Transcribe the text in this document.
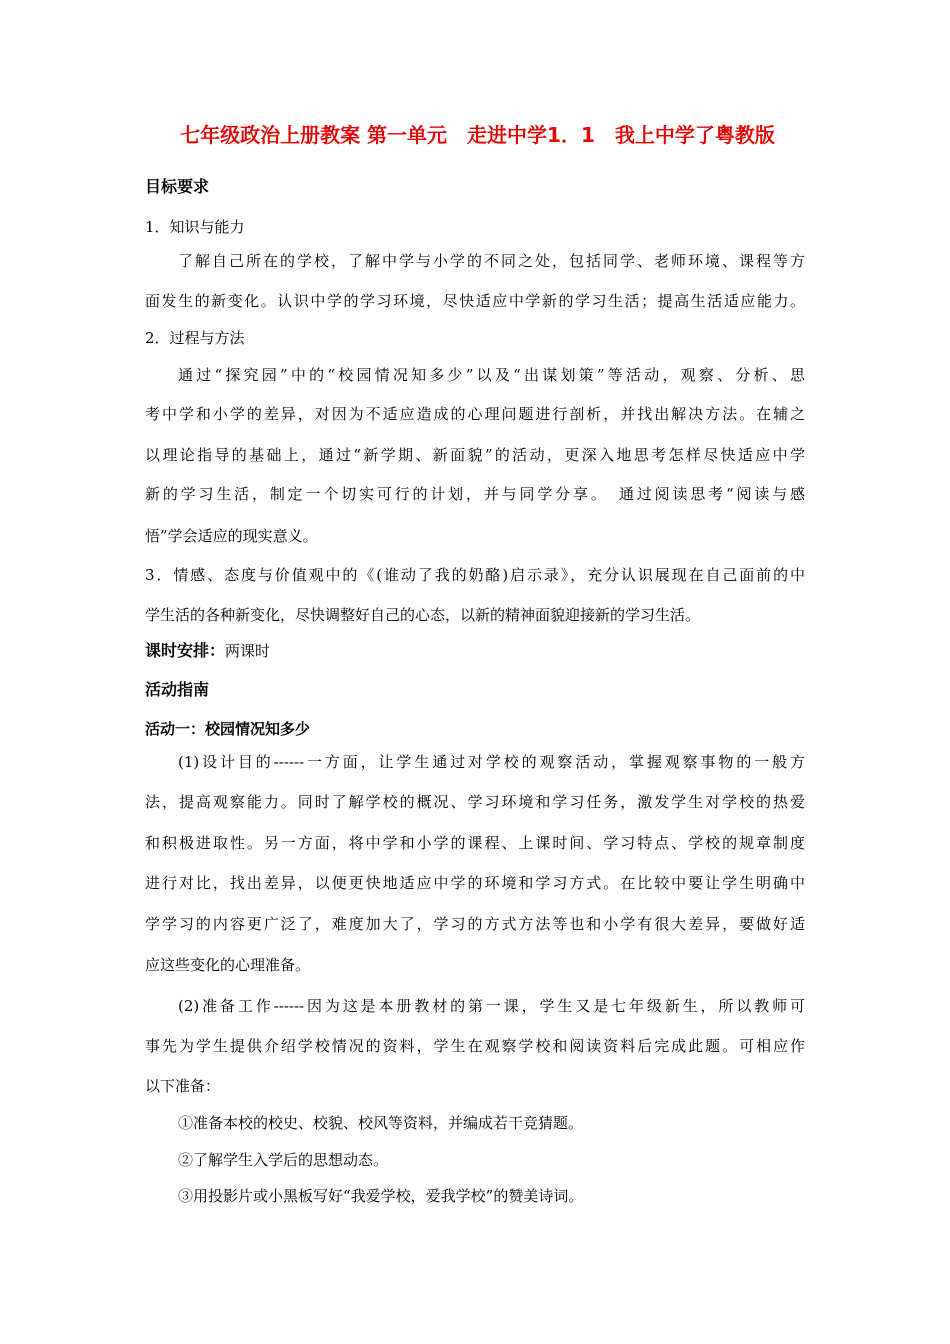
七年级政治上册教案 第一单元　走进中学1．1　我上中学了粤教版
目标要求
1．知识与能力
了解自己所在的学校，了解中学与小学的不同之处，包括同学、老师环境、课程等方
面发生的新变化。认识中学的学习环境，尽快适应中学新的学习生活；提高生活适应能力。
2．过程与方法
通过“探究园”中的“校园情况知多少”以及“出谋划策”等活动，观察、分析、思
考中学和小学的差异，对因为不适应造成的心理问题进行剖析，并找出解决方法。在辅之
以理论指导的基础上，通过“新学期、新面貌”的活动，更深入地思考怎样尽快适应中学
新的学习生活，制定一个切实可行的计划，并与同学分享。　通过阅读思考“阅读与感
悟”学会适应的现实意义。
3．情感、态度与价值观中的《(谁动了我的奶酪)启示录》，充分认识展现在自己面前的中
学生活的各种新变化，尽快调整好自己的心态，以新的精神面貌迎接新的学习生活。
课时安排：两课时
活动指南
活动一：校园情况知多少
(1)设计目的------一方面，让学生通过对学校的观察活动，掌握观察事物的一般方
法，提高观察能力。同时了解学校的概况、学习环境和学习任务，激发学生对学校的热爱
和积极进取性。另一方面，将中学和小学的课程、上课时间、学习特点、学校的规章制度
进行对比，找出差异，以便更快地适应中学的环境和学习方式。在比较中要让学生明确中
学学习的内容更广泛了，难度加大了，学习的方式方法等也和小学有很大差异，要做好适
应这些变化的心理准备。
(2)准备工作------因为这是本册教材的第一课，学生又是七年级新生，所以教师可
事先为学生提供介绍学校情况的资料，学生在观察学校和阅读资料后完成此题。可相应作
以下准备：
①准备本校的校史、校貌、校风等资料，并编成若干竞猜题。
②了解学生入学后的思想动态。
③用投影片或小黑板写好“我爱学校，爱我学校”的赞美诗词。
